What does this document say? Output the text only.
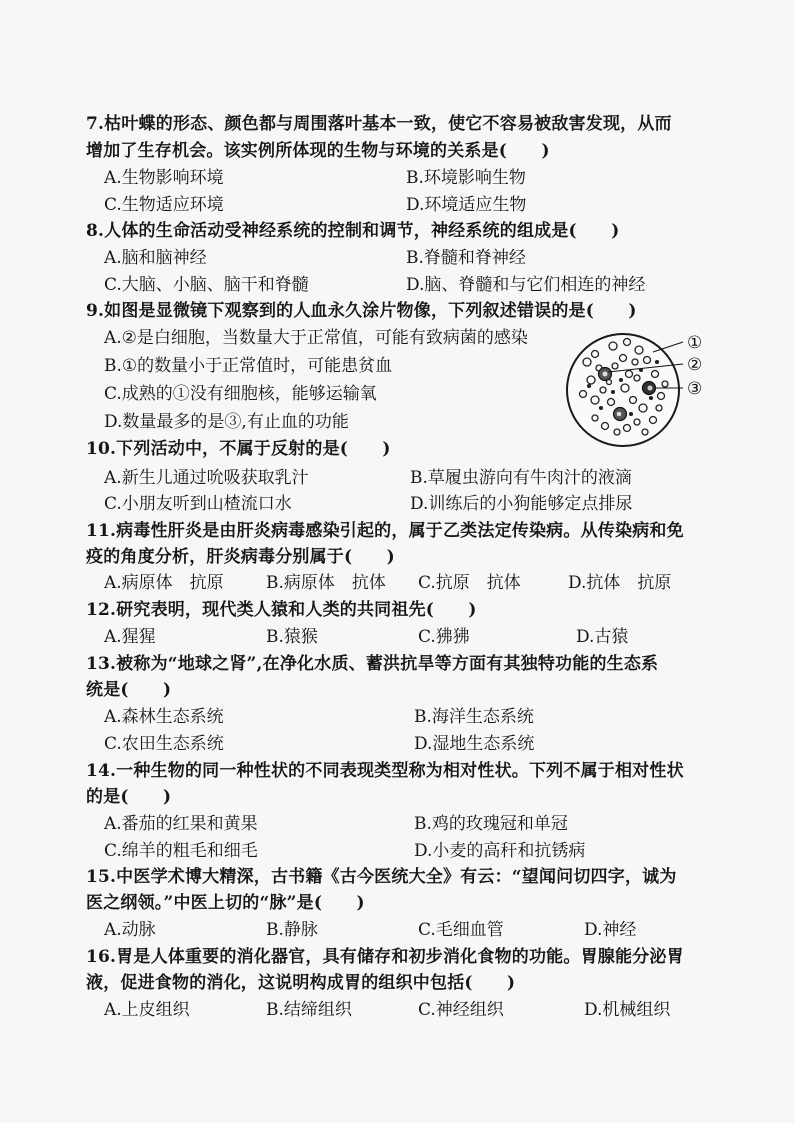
7.枯叶蝶的形态、颜色都与周围落叶基本一致，使它不容易被敌害发现，从而
增加了生存机会。该实例所体现的生物与环境的关系是(　　)
A.生物影响环境	B.环境影响生物
C.生物适应环境	D.环境适应生物
8.人体的生命活动受神经系统的控制和调节，神经系统的组成是(　　)
A.脑和脑神经	B.脊髓和脊神经
C.大脑、小脑、脑干和脊髓	D.脑、脊髓和与它们相连的神经
9.如图是显微镜下观察到的人血永久涂片物像，下列叙述错误的是(　　)
A.②是白细胞，当数量大于正常值，可能有致病菌的感染
B.①的数量小于正常值时，可能患贫血
C.成熟的①没有细胞核，能够运输氧
D.数量最多的是③,有止血的功能
①
②
③
10.下列活动中，不属于反射的是(　　)
A.新生儿通过吮吸获取乳汁	B.草履虫游向有牛肉汁的液滴
C.小朋友听到山楂流口水	D.训练后的小狗能够定点排尿
11.病毒性肝炎是由肝炎病毒感染引起的，属于乙类法定传染病。从传染病和免
疫的角度分析，肝炎病毒分别属于(　　)
A.病原体　抗原 B.病原体　抗体 C.抗原　抗体	D.抗体　抗原
12.研究表明，现代类人猿和人类的共同祖先(　　)
A.猩猩	B.猿猴	C.狒狒	D.古猿
13.被称为“地球之肾”,在净化水质、蓄洪抗旱等方面有其独特功能的生态系
统是(　　)
A.森林生态系统	B.海洋生态系统
C.农田生态系统	D.湿地生态系统
14.一种生物的同一种性状的不同表现类型称为相对性状。下列不属于相对性状
的是(　　)
A.番茄的红果和黄果	B.鸡的玫瑰冠和单冠
C.绵羊的粗毛和细毛	D.小麦的高秆和抗锈病
15.中医学术博大精深，古书籍《古今医统大全》有云：“望闻问切四字，诚为
医之纲领。”中医上切的“脉”是(　　)
A.动脉	B.静脉	C.毛细血管	D.神经
16.胃是人体重要的消化器官，具有储存和初步消化食物的功能。胃腺能分泌胃
液，促进食物的消化，这说明构成胃的组织中包括(　　)
A.上皮组织	B.结缔组织	C.神经组织	D.机械组织
